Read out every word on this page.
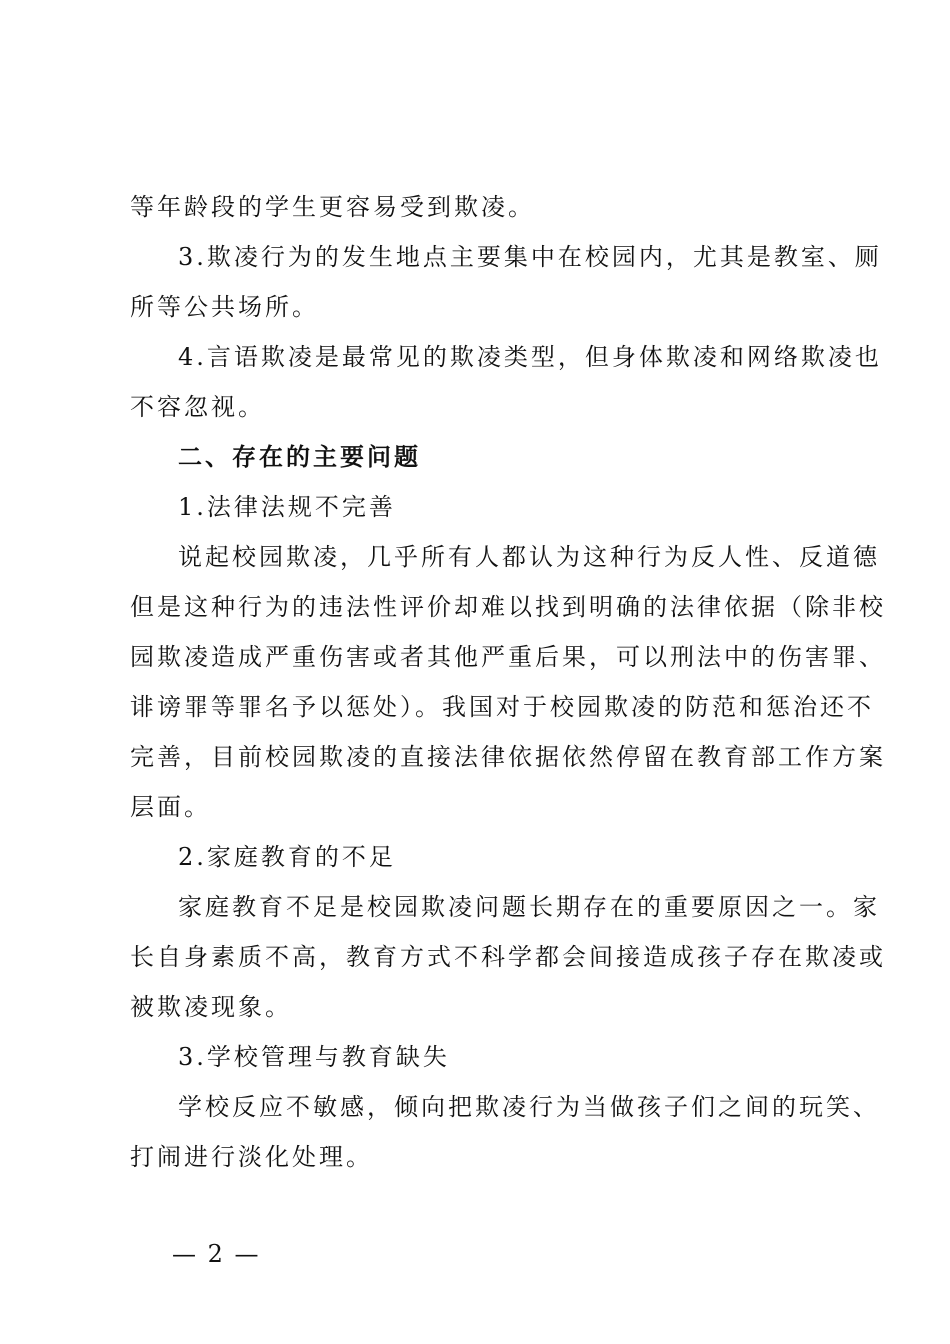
等年龄段的学生更容易受到欺凌。
3.欺凌行为的发生地点主要集中在校园内，尤其是教室、厕
所等公共场所。
4.言语欺凌是最常见的欺凌类型，但身体欺凌和网络欺凌也
不容忽视。
二、存在的主要问题
1.法律法规不完善
说起校园欺凌，几乎所有人都认为这种行为反人性、反道德
但是这种行为的违法性评价却难以找到明确的法律依据（除非校
园欺凌造成严重伤害或者其他严重后果，可以刑法中的伤害罪、
诽谤罪等罪名予以惩处）。我国对于校园欺凌的防范和惩治还不
完善，目前校园欺凌的直接法律依据依然停留在教育部工作方案
层面。
2.家庭教育的不足
家庭教育不足是校园欺凌问题长期存在的重要原因之一。家
长自身素质不高，教育方式不科学都会间接造成孩子存在欺凌或
被欺凌现象。
3.学校管理与教育缺失
学校反应不敏感，倾向把欺凌行为当做孩子们之间的玩笑、
打闹进行淡化处理。
— 2 —
